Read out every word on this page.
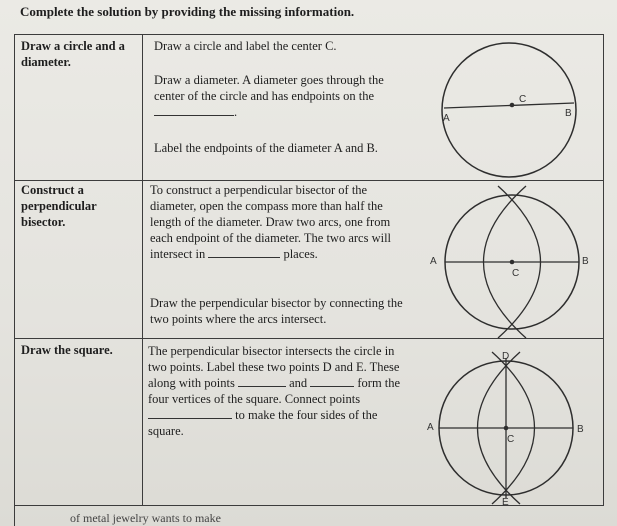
Complete the solution by providing the missing information.
Draw a circle and a diameter.
Draw a circle and label the center C.
Draw a diameter. A diameter goes through the center of the circle and has endpoints on the .
Label the endpoints of the diameter A and B.
Construct a perpendicular bisector.
To construct a perpendicular bisector of the diameter, open the compass more than half the length of the diameter. Draw two arcs, one from each endpoint of the diameter. The two arcs will intersect in	places.
Draw the perpendicular bisector by connecting the two points where the arcs intersect.
Draw the square.	The perpendicular bisector intersects the circle in two points. Label these two points D and E. These along with points	and	form the four vertices of the square. Connect points  to make the four sides of the square.
A
C
B
A
C
B
D
A
C
B
E
of metal jewelry wants to make
